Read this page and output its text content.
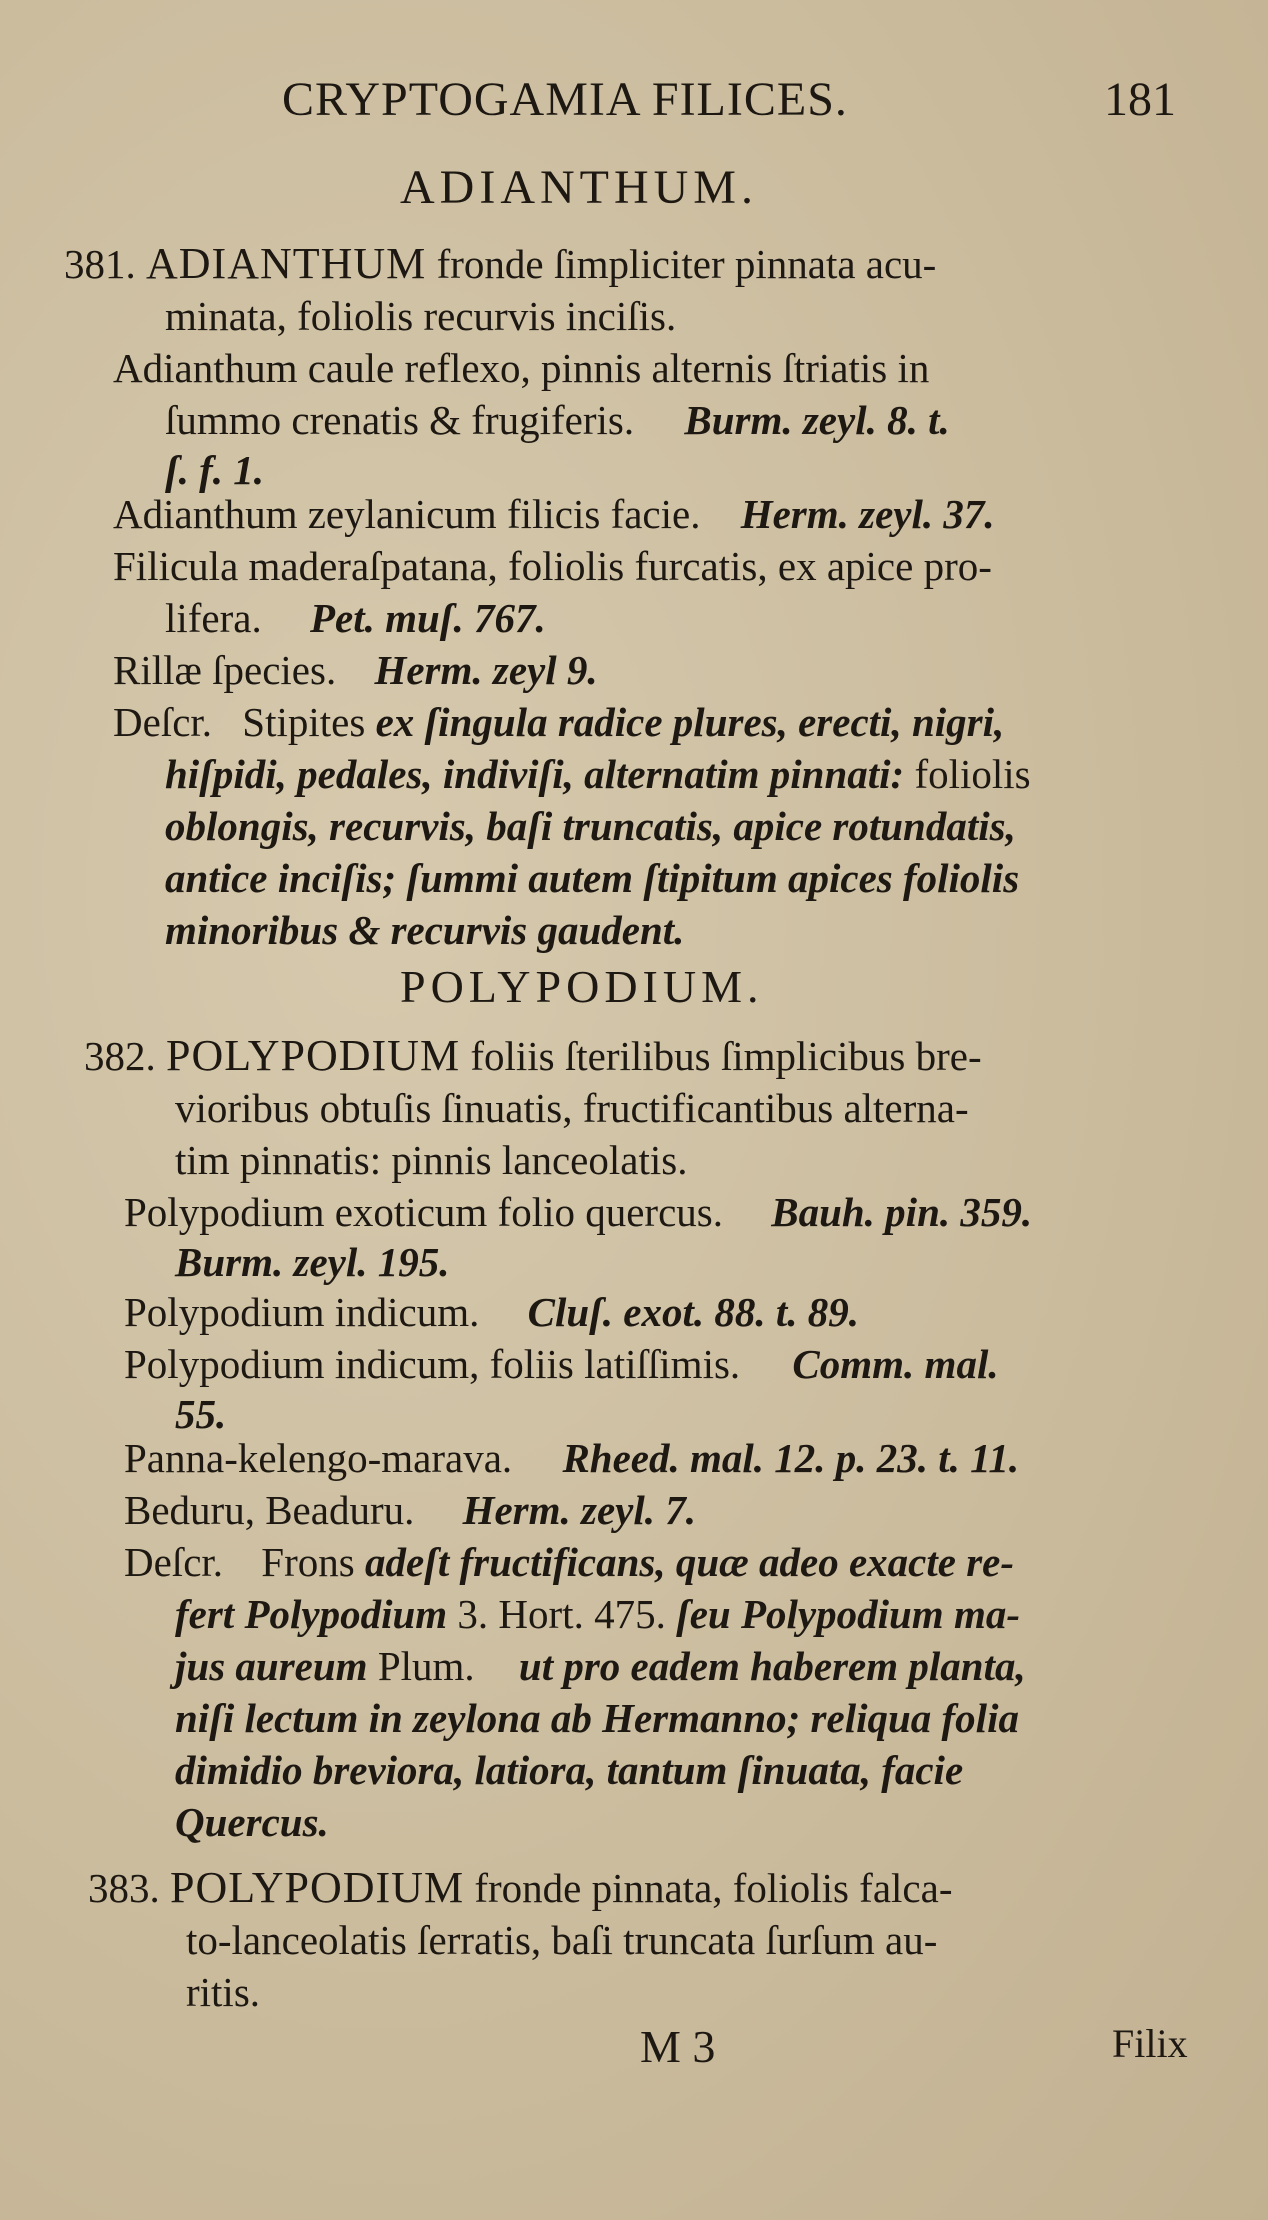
CRYPTOGAMIA FILICES.	181
ADIANTHUM.
381. ADIANTHUM fronde ſimpliciter pinnata acu-
minata, foliolis recurvis inciſis.
Adianthum caule reflexo, pinnis alternis ſtriatis in
ſummo crenatis & frugiferis. Burm. zeyl. 8. t.
ſ. f. 1.
Adianthum zeylanicum filicis facie. Herm. zeyl. 37.
Filicula maderaſpatana, foliolis furcatis, ex apice pro-
lifera. Pet. muſ. 767.
Rillæ ſpecies. Herm. zeyl 9.
Deſcr. Stipites ex ſingula radice plures, erecti, nigri,
hiſpidi, pedales, indiviſi, alternatim pinnati: foliolis
oblongis, recurvis, baſi truncatis, apice rotundatis,
antice inciſis; ſummi autem ſtipitum apices foliolis
minoribus & recurvis gaudent.
POLYPODIUM.
382. POLYPODIUM foliis ſterilibus ſimplicibus bre-
vioribus obtuſis ſinuatis, fructificantibus alterna-
tim pinnatis: pinnis lanceolatis.
Polypodium exoticum folio quercus. Bauh. pin. 359.
Burm. zeyl. 195.
Polypodium indicum. Cluſ. exot. 88. t. 89.
Polypodium indicum, foliis latiſſimis. Comm. mal.
55.
Panna-kelengo-marava. Rheed. mal. 12. p. 23. t. 11.
Beduru, Beaduru. Herm. zeyl. 7.
Deſcr. Frons adeſt fructificans, quæ adeo exacte re-
fert Polypodium 3. Hort. 475. ſeu Polypodium ma-
jus aureum Plum. ut pro eadem haberem planta,
niſi lectum in zeylona ab Hermanno; reliqua folia
dimidio breviora, latiora, tantum ſinuata, facie
Quercus.
383. POLYPODIUM fronde pinnata, foliolis falca-
to-lanceolatis ſerratis, baſi truncata ſurſum au-
ritis.
M 3	Filix
